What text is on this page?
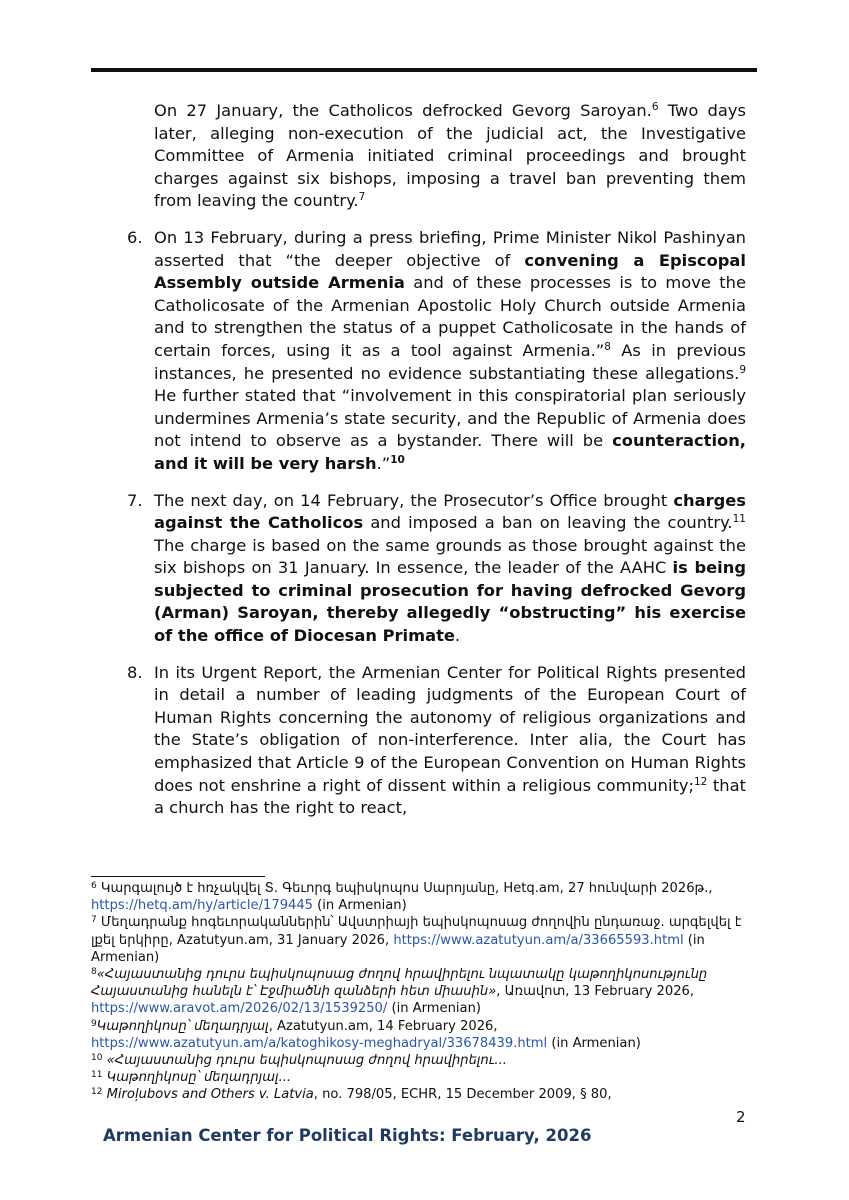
On 27 January, the Catholicos defrocked Gevorg Saroyan.$^6$ Two days later, alleging non-execution of the judicial act, the Investigative Committee of Armenia initiated criminal proceedings and brought charges against six bishops, imposing a travel ban preventing them from leaving the country.$^7$

6. On 13 February, during a press briefing, Prime Minister Nikol Pashinyan asserted that “the deeper objective of convening a Episcopal Assembly outside Armenia and of these processes is to move the Catholicosate of the Armenian Apostolic Holy Church outside Armenia and to strengthen the status of a puppet Catholicosate in the hands of certain forces, using it as a tool against Armenia.”$^8$ As in previous instances, he presented no evidence substantiating these allegations.$^9$ He further stated that “involvement in this conspiratorial plan seriously undermines Armenia’s state security, and the Republic of Armenia does not intend to observe as a bystander. There will be counteraction, and it will be very harsh.”$^{10}$
7. The next day, on 14 February, the Prosecutor’s Office brought charges against the Catholicos and imposed a ban on leaving the country.$^{11}$ The charge is based on the same grounds as those brought against the six bishops on 31 January. In essence, the leader of the AAHC is being subjected to criminal prosecution for having defrocked Gevorg (Arman) Saroyan, thereby allegedly “obstructing” his exercise of the office of Diocesan Primate.
8. In its Urgent Report, the Armenian Center for Political Rights presented in detail a number of leading judgments of the European Court of Human Rights concerning the autonomy of religious organizations and the State’s obligation of non-interference. Inter alia, the Court has emphasized that Article 9 of the European Convention on Human Rights does not enshrine a right of dissent within a religious community;$^{12}$ that a church has the right to react,

$^6$ Կարգալույծ է հռչակվել Տ. Գեւորգ եպիսկոպոս Սարոյանը, Hetq.am, 27 հունվարի 2026թ., https://hetq.am/hy/article/179445 (in Armenian)

$^7$ Մեղադրանք հոգեւորականներին՝ Ավստրիայի եպիսկոպոսաց ժողովին ընդառաջ. արգելվել է լքել երկիրը, Azatutyun.am, 31 January 2026, https://www.azatutyun.am/a/33665593.html (in Armenian)

$^8$«Հայաստանից դուրս եպիսկոպոսաց ժողով հրավիրելու նպատակը կաթողիկոսությունը Հայաստանից հանելն է՝ Էջմիածնի զանձերի հետ միասին», Առավոտ, 13 February 2026, https://www.aravot.am/2026/02/13/1539250/ (in Armenian)

$^9$Կաթողիկոսը՝ մեղադրյալ, Azatutyun.am, 14 February 2026, https://www.azatutyun.am/a/katoghikosy-meghadryal/33678439.html (in Armenian)

$^{10}$ «Հայաստանից դուրս եպիսկոպոսաց ժողով հրավիրելու...

$^{11}$ Կաթողիկոսը՝ մեղադրյալ...

$^{12}$ Miroļubovs and Others v. Latvia, no. 798/05, ECHR, 15 December 2009, § 80,

2
Armenian Center for Political Rights: February, 2026
